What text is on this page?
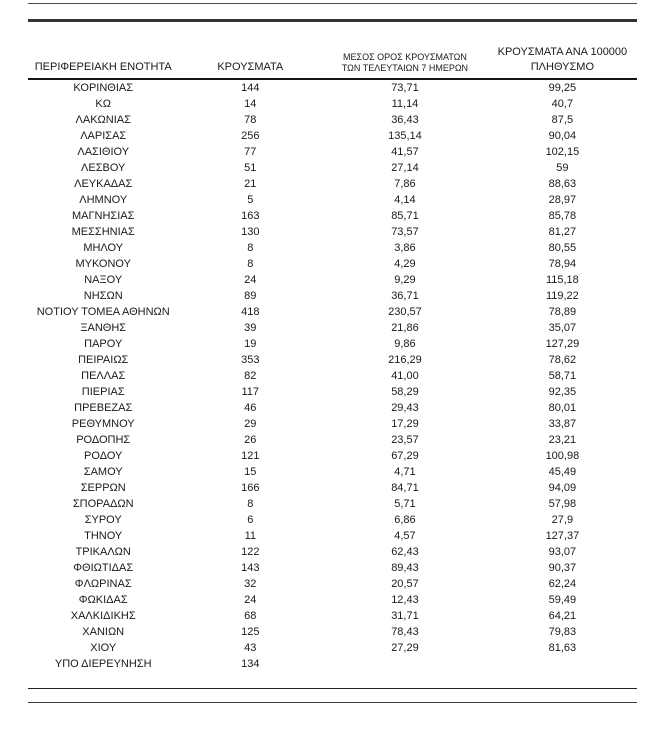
ΠΕΡΙΦΕΡΕΙΑΚΗ ΕΝΟΤΗΤΑ	ΚΡΟΥΣΜΑΤΑ	ΜΕΣΟΣ ΟΡΟΣ ΚΡΟΥΣΜΑΤΩΝ
ΤΩΝ ΤΕΛΕΥΤΑΙΩΝ 7 ΗΜΕΡΩΝ	ΚΡΟΥΣΜΑΤΑ ΑΝΑ 100000
ΠΛΗΘΥΣΜΟ
ΚΟΡΙΝΘΙΑΣ	144	73,71	99,25
ΚΩ	14	11,14	40,7
ΛΑΚΩΝΙΑΣ	78	36,43	87,5
ΛΑΡΙΣΑΣ	256	135,14	90,04
ΛΑΣΙΘΙΟΥ	77	41,57	102,15
ΛΕΣΒΟΥ	51	27,14	59
ΛΕΥΚΑΔΑΣ	21	7,86	88,63
ΛΗΜΝΟΥ	5	4,14	28,97
ΜΑΓΝΗΣΙΑΣ	163	85,71	85,78
ΜΕΣΣΗΝΙΑΣ	130	73,57	81,27
ΜΗΛΟΥ	8	3,86	80,55
ΜΥΚΟΝΟΥ	8	4,29	78,94
ΝΑΞΟΥ	24	9,29	115,18
ΝΗΣΩΝ	89	36,71	119,22
ΝΟΤΙΟΥ ΤΟΜΕΑ ΑΘΗΝΩΝ	418	230,57	78,89
ΞΑΝΘΗΣ	39	21,86	35,07
ΠΑΡΟΥ	19	9,86	127,29
ΠΕΙΡΑΙΩΣ	353	216,29	78,62
ΠΕΛΛΑΣ	82	41,00	58,71
ΠΙΕΡΙΑΣ	117	58,29	92,35
ΠΡΕΒΕΖΑΣ	46	29,43	80,01
ΡΕΘΥΜΝΟΥ	29	17,29	33,87
ΡΟΔΟΠΗΣ	26	23,57	23,21
ΡΟΔΟΥ	121	67,29	100,98
ΣΑΜΟΥ	15	4,71	45,49
ΣΕΡΡΩΝ	166	84,71	94,09
ΣΠΟΡΑΔΩΝ	8	5,71	57,98
ΣΥΡΟΥ	6	6,86	27,9
ΤΗΝΟΥ	11	4,57	127,37
ΤΡΙΚΑΛΩΝ	122	62,43	93,07
ΦΘΙΩΤΙΔΑΣ	143	89,43	90,37
ΦΛΩΡΙΝΑΣ	32	20,57	62,24
ΦΩΚΙΔΑΣ	24	12,43	59,49
ΧΑΛΚΙΔΙΚΗΣ	68	31,71	64,21
ΧΑΝΙΩΝ	125	78,43	79,83
ΧΙΟΥ	43	27,29	81,63
ΥΠΟ ΔΙΕΡΕΥΝΗΣΗ	134		
